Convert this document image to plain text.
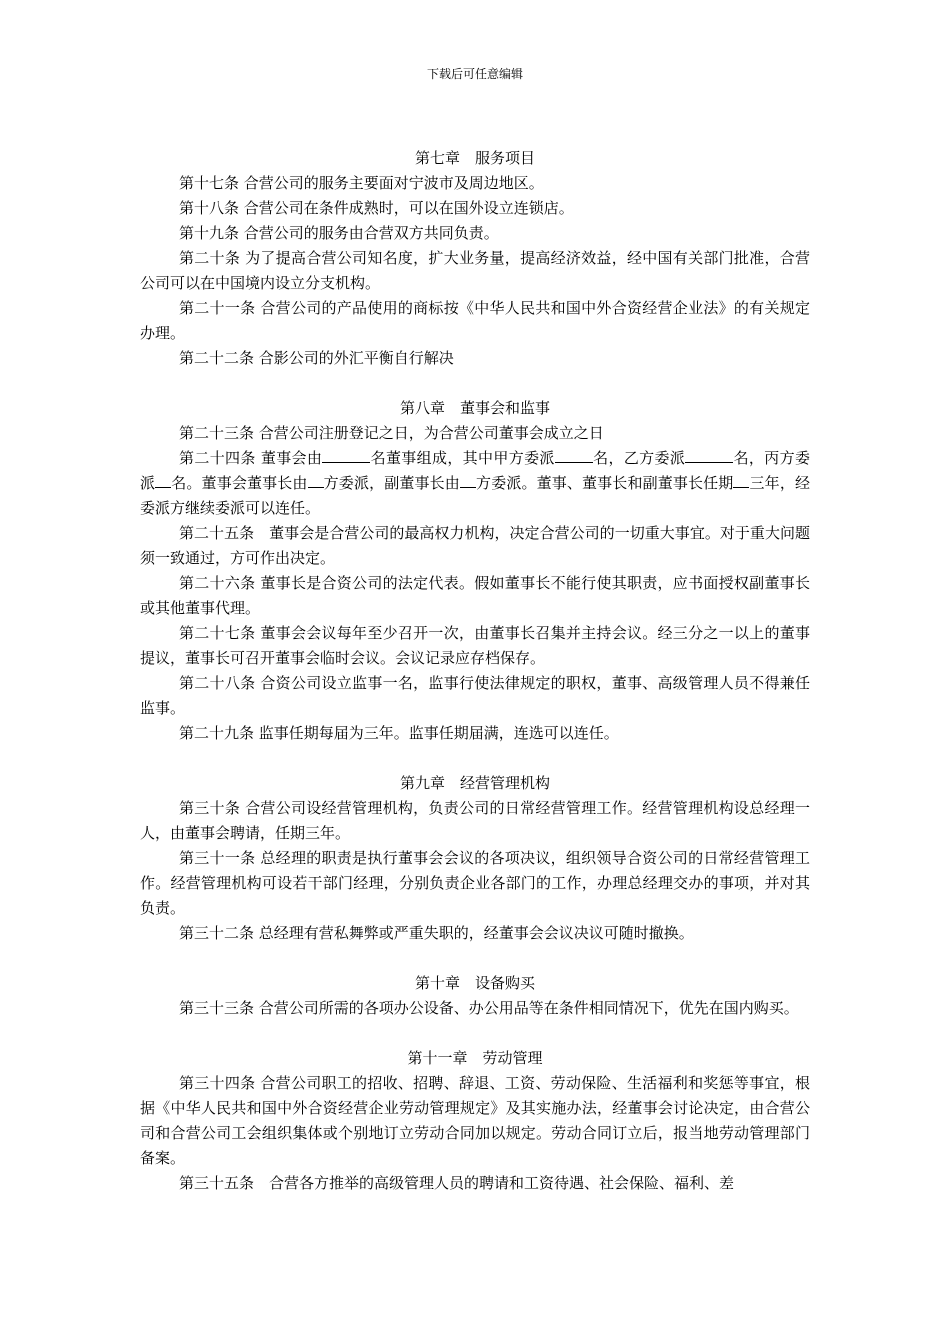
下载后可任意编辑
第七章　服务项目

第十七条 合营公司的服务主要面对宁波市及周边地区。

第十八条 合营公司在条件成熟时，可以在国外设立连锁店。

第十九条 合营公司的服务由合营双方共同负责。

第二十条 为了提高合营公司知名度，扩大业务量，提高经济效益，经中国有关部门批准，合营公司可以在中国境内设立分支机构。

第二十一条 合营公司的产品使用的商标按《中华人民共和国中外合资经营企业法》的有关规定办理。

第二十二条 合影公司的外汇平衡自行解决

第八章　董事会和监事

第二十三条 合营公司注册登记之日，为合营公司董事会成立之日

第二十四条 董事会由	名董事组成，其中甲方委派	名，乙方委派	名，丙方委派 名。董事会董事长由 方委派，副董事长由 方委派。董事、董事长和副董事长任期 三年，经委派方继续委派可以连任。

第二十五条　董事会是合营公司的最高权力机构，决定合营公司的一切重大事宜。对于重大问题须一致通过，方可作出决定。

第二十六条 董事长是合资公司的法定代表。假如董事长不能行使其职责，应书面授权副董事长或其他董事代理。

第二十七条 董事会会议每年至少召开一次，由董事长召集并主持会议。经三分之一以上的董事提议，董事长可召开董事会临时会议。会议记录应存档保存。

第二十八条 合资公司设立监事一名，监事行使法律规定的职权，董事、高级管理人员不得兼任监事。

第二十九条 监事任期每届为三年。监事任期届满，连选可以连任。

第九章　经营管理机构

第三十条 合营公司设经营管理机构，负责公司的日常经营管理工作。经营管理机构设总经理一人，由董事会聘请，任期三年。

第三十一条 总经理的职责是执行董事会会议的各项决议，组织领导合资公司的日常经营管理工作。经营管理机构可设若干部门经理，分别负责企业各部门的工作，办理总经理交办的事项，并对其负责。

第三十二条 总经理有营私舞弊或严重失职的，经董事会会议决议可随时撤换。

第十章　设备购买

第三十三条 合营公司所需的各项办公设备、办公用品等在条件相同情况下，优先在国内购买。

第十一章　劳动管理

第三十四条 合营公司职工的招收、招聘、辞退、工资、劳动保险、生活福利和奖惩等事宜，根据《中华人民共和国中外合资经营企业劳动管理规定》及其实施办法，经董事会讨论决定，由合营公司和合营公司工会组织集体或个别地订立劳动合同加以规定。劳动合同订立后，报当地劳动管理部门备案。

第三十五条　合营各方推举的高级管理人员的聘请和工资待遇、社会保险、福利、差
